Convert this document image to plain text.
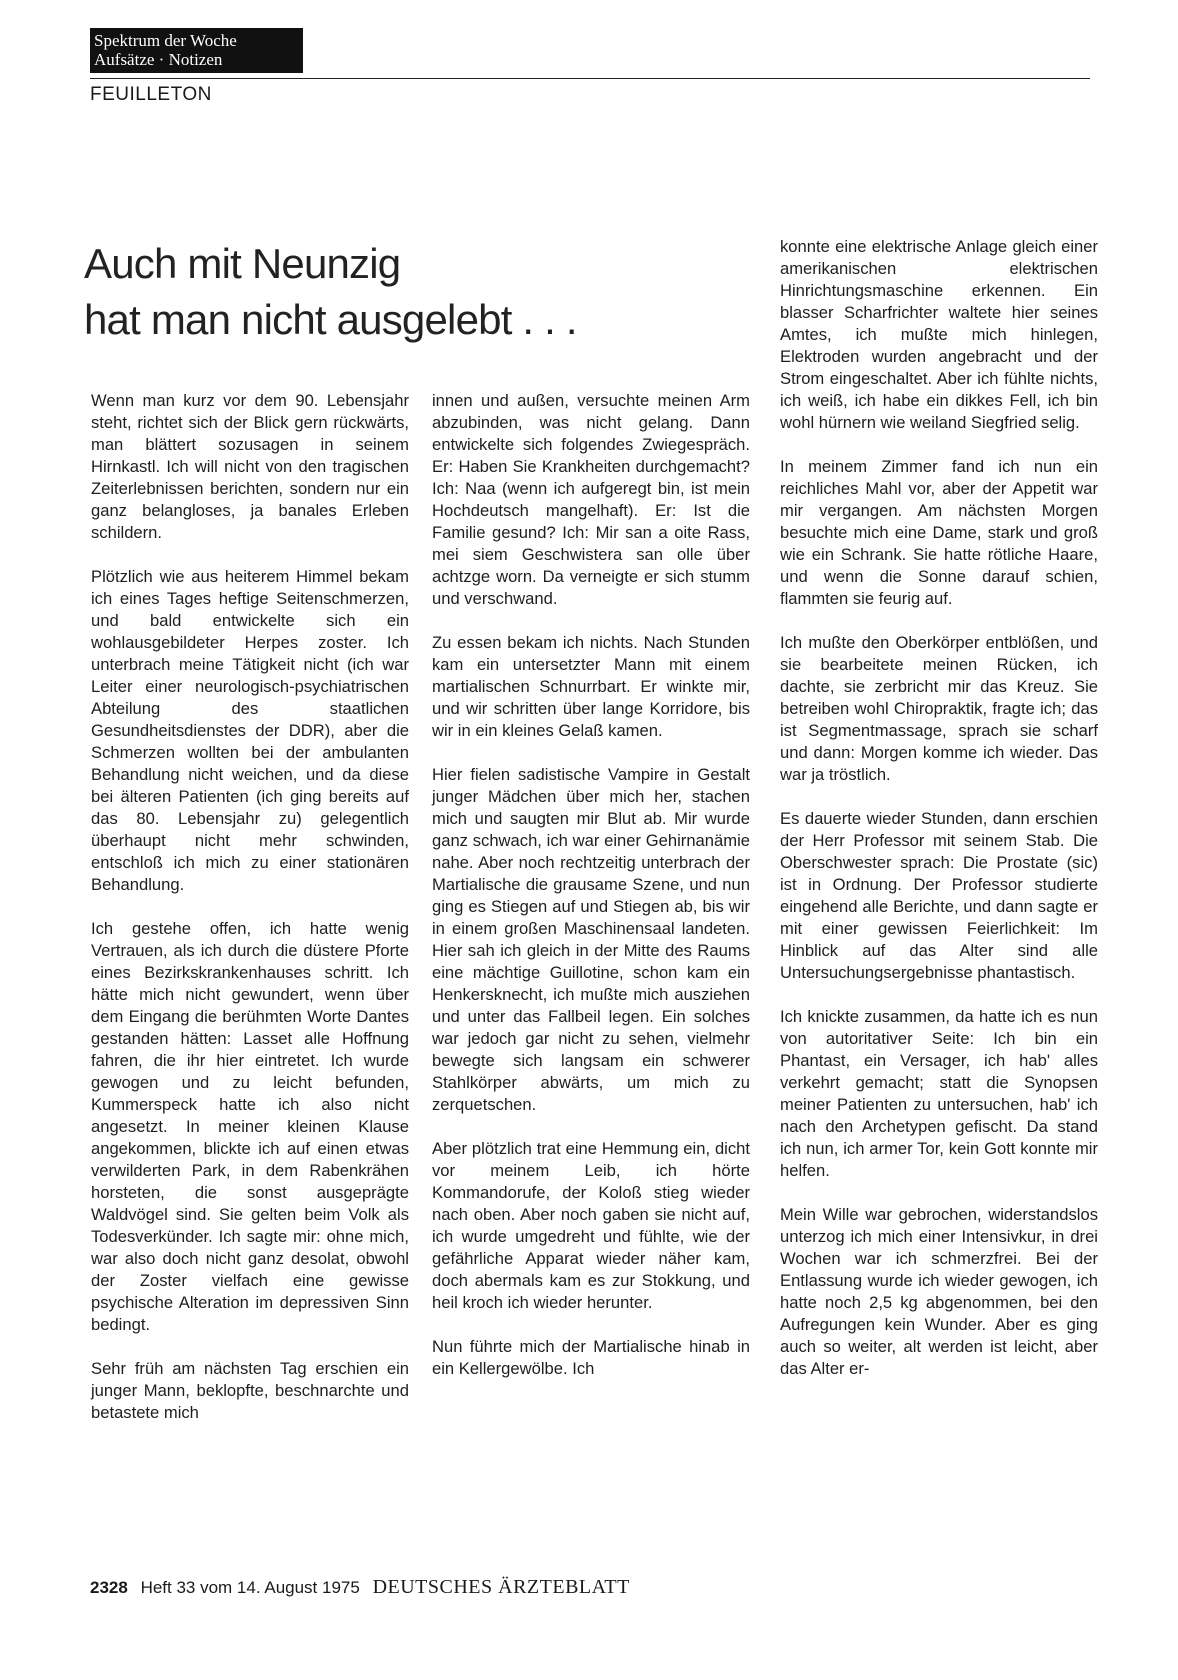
Spektrum der Woche
Aufsätze · Notizen
FEUILLETON
Auch mit Neunzig
hat man nicht ausgelebt . . .

Wenn man kurz vor dem 90. Lebensjahr steht, richtet sich der Blick gern rückwärts, man blättert sozusagen in seinem Hirnkastl. Ich will nicht von den tragischen Zeiterlebnissen berichten, sondern nur ein ganz belangloses, ja banales Erleben schildern.

Plötzlich wie aus heiterem Himmel bekam ich eines Tages heftige Seitenschmerzen, und bald entwickelte sich ein wohlausgebildeter Herpes zoster. Ich unterbrach meine Tätigkeit nicht (ich war Leiter einer neurologisch-psychiatrischen Abteilung des staatlichen Gesundheitsdienstes der DDR), aber die Schmerzen wollten bei der ambulanten Behandlung nicht weichen, und da diese bei älteren Patienten (ich ging bereits auf das 80. Lebensjahr zu) gelegentlich überhaupt nicht mehr schwinden, entschloß ich mich zu einer stationären Behandlung.

Ich gestehe offen, ich hatte wenig Vertrauen, als ich durch die düstere Pforte eines Bezirkskrankenhauses schritt. Ich hätte mich nicht gewundert, wenn über dem Eingang die berühmten Worte Dantes gestanden hätten: Lasset alle Hoffnung fahren, die ihr hier eintretet. Ich wurde gewogen und zu leicht befunden, Kummerspeck hatte ich also nicht angesetzt. In meiner kleinen Klause angekommen, blickte ich auf einen etwas verwilderten Park, in dem Rabenkrähen horsteten, die sonst ausgeprägte Waldvögel sind. Sie gelten beim Volk als Todesverkünder. Ich sagte mir: ohne mich, war also doch nicht ganz desolat, obwohl der Zoster vielfach eine gewisse psychische Alteration im depressiven Sinn bedingt.

Sehr früh am nächsten Tag erschien ein junger Mann, beklopfte, beschnarchte und betastete mich

innen und außen, versuchte meinen Arm abzubinden, was nicht gelang. Dann entwickelte sich folgendes Zwiegespräch. Er: Haben Sie Krankheiten durchgemacht? Ich: Naa (wenn ich aufgeregt bin, ist mein Hochdeutsch mangelhaft). Er: Ist die Familie gesund? Ich: Mir san a oite Rass, mei siem Geschwistera san olle über achtzge worn. Da verneigte er sich stumm und verschwand.

Zu essen bekam ich nichts. Nach Stunden kam ein untersetzter Mann mit einem martialischen Schnurrbart. Er winkte mir, und wir schritten über lange Korridore, bis wir in ein kleines Gelaß kamen.

Hier fielen sadistische Vampire in Gestalt junger Mädchen über mich her, stachen mich und saugten mir Blut ab. Mir wurde ganz schwach, ich war einer Gehirnanämie nahe. Aber noch rechtzeitig unterbrach der Martialische die grausame Szene, und nun ging es Stiegen auf und Stiegen ab, bis wir in einem großen Maschinensaal landeten. Hier sah ich gleich in der Mitte des Raums eine mächtige Guillotine, schon kam ein Henkersknecht, ich mußte mich ausziehen und unter das Fallbeil legen. Ein solches war jedoch gar nicht zu sehen, vielmehr bewegte sich langsam ein schwerer Stahlkörper abwärts, um mich zu zerquetschen.

Aber plötzlich trat eine Hemmung ein, dicht vor meinem Leib, ich hörte Kommandorufe, der Koloß stieg wieder nach oben. Aber noch gaben sie nicht auf, ich wurde umgedreht und fühlte, wie der gefährliche Apparat wieder näher kam, doch abermals kam es zur Stokkung, und heil kroch ich wieder herunter.

Nun führte mich der Martialische hinab in ein Kellergewölbe. Ich

konnte eine elektrische Anlage gleich einer amerikanischen elektrischen Hinrichtungsmaschine erkennen. Ein blasser Scharfrichter waltete hier seines Amtes, ich mußte mich hinlegen, Elektroden wurden angebracht und der Strom eingeschaltet. Aber ich fühlte nichts, ich weiß, ich habe ein dikkes Fell, ich bin wohl hürnern wie weiland Siegfried selig.

In meinem Zimmer fand ich nun ein reichliches Mahl vor, aber der Appetit war mir vergangen. Am nächsten Morgen besuchte mich eine Dame, stark und groß wie ein Schrank. Sie hatte rötliche Haare, und wenn die Sonne darauf schien, flammten sie feurig auf.

Ich mußte den Oberkörper entblößen, und sie bearbeitete meinen Rücken, ich dachte, sie zerbricht mir das Kreuz. Sie betreiben wohl Chiropraktik, fragte ich; das ist Segmentmassage, sprach sie scharf und dann: Morgen komme ich wieder. Das war ja tröstlich.

Es dauerte wieder Stunden, dann erschien der Herr Professor mit seinem Stab. Die Oberschwester sprach: Die Prostate (sic) ist in Ordnung. Der Professor studierte eingehend alle Berichte, und dann sagte er mit einer gewissen Feierlichkeit: Im Hinblick auf das Alter sind alle Untersuchungsergebnisse phantastisch.

Ich knickte zusammen, da hatte ich es nun von autoritativer Seite: Ich bin ein Phantast, ein Versager, ich hab' alles verkehrt gemacht; statt die Synopsen meiner Patienten zu untersuchen, hab' ich nach den Archetypen gefischt. Da stand ich nun, ich armer Tor, kein Gott konnte mir helfen.

Mein Wille war gebrochen, widerstandslos unterzog ich mich einer Intensivkur, in drei Wochen war ich schmerzfrei. Bei der Entlassung wurde ich wieder gewogen, ich hatte noch 2,5 kg abgenommen, bei den Aufregungen kein Wunder. Aber es ging auch so weiter, alt werden ist leicht, aber das Alter er-

2328 Heft 33 vom 14. August 1975 DEUTSCHES ÄRZTEBLATT
